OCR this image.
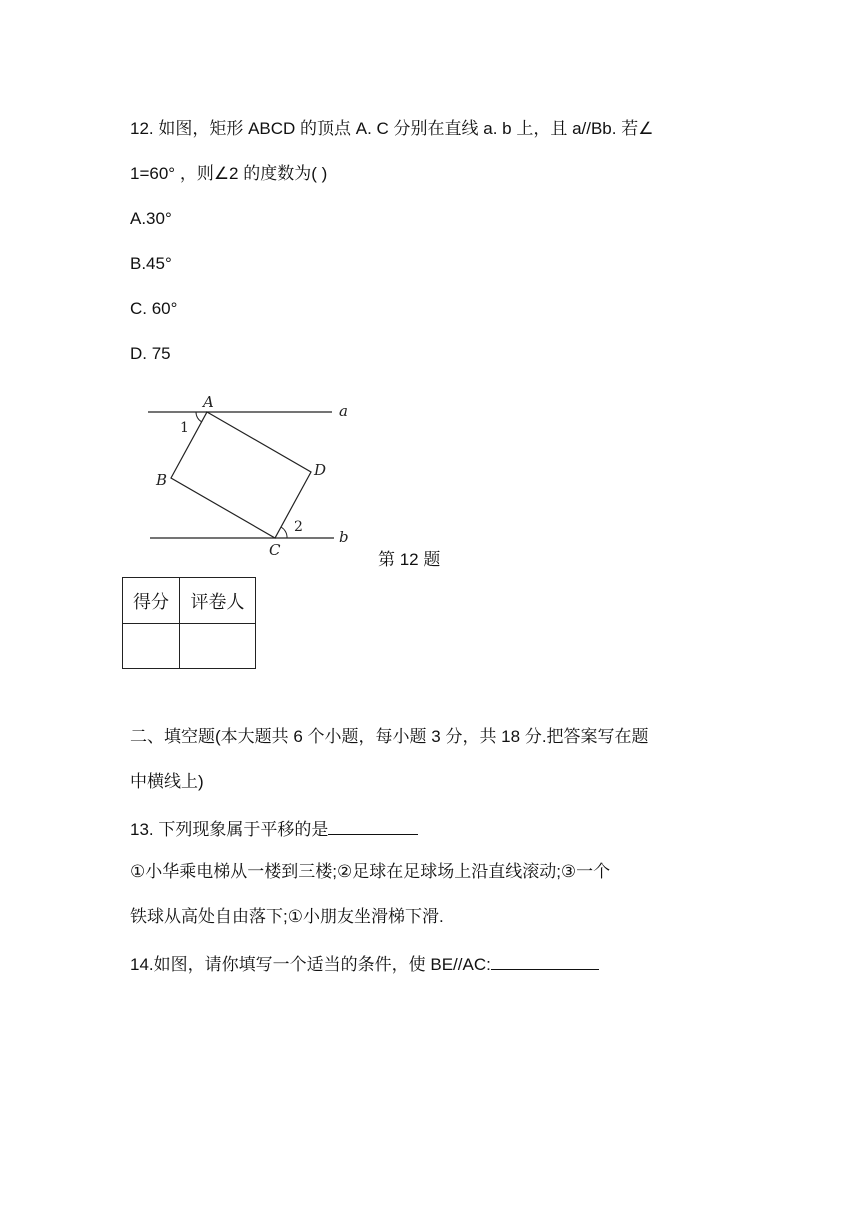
12. 如图，矩形 ABCD 的顶点 A. C 分别在直线 a. b 上，且 a//Bb. 若∠
1=60° ，则∠2 的度数为( )
A.30°
B.45°
C. 60°
D. 75
A
B
C
D
a
b
1
2
第 12 题
得分	评卷人

二、填空题(本大题共 6 个小题，每小题 3 分，共 18 分.把答案写在题
中横线上)
13. 下列现象属于平移的是
①小华乘电梯从一楼到三楼;②足球在足球场上沿直线滚动;③一个
铁球从高处自由落下;①小朋友坐滑梯下滑.
14.如图，请你填写一个适当的条件，使 BE//AC:
